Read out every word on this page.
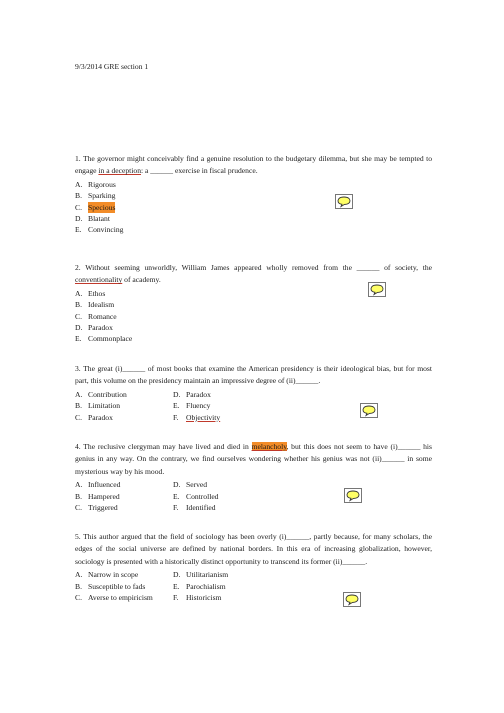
9/3/2014 GRE section 1
1. The governor might conceivably find a genuine resolution to the budgetary dilemma, but she may be tempted to engage in a deception: a ______ exercise in fiscal prudence.
A. Rigorous
B. Sparking
C. Specious
D. Blatant
E. Convincing
2. Without seeming unworldly, William James appeared wholly removed from the ______ of society, the conventionality of academy.
A. Ethos
B. Idealism
C. Romance
D. Paradox
E. Commonplace
3. The great (i)______ of most books that examine the American presidency is their ideological bias, but for most part, this volume on the presidency maintain an impressive degree of (ii)______.
A. Contribution	D. Paradox
B. Limitation	E. Fluency
C. Paradox	F. Objectivity
4. The reclusive clergyman may have lived and died in melancholy, but this does not seem to have (i)______ his genius in any way. On the contrary, we find ourselves wondering whether his genius was not (ii)______ in some mysterious way by his mood.
A. Influenced	D. Served
B. Hampered	E. Controlled
C. Triggered	F. Identified
5. This author argued that the field of sociology has been overly (i)______, partly because, for many scholars, the edges of the social universe are defined by national borders. In this era of increasing globalization, however, sociology is presented with a historically distinct opportunity to transcend its former (ii)______.
A. Narrow in scope	D. Utilitarianism
B. Susceptible to fads	E. Parochialism
C. Averse to empiricism	F. Historicism
